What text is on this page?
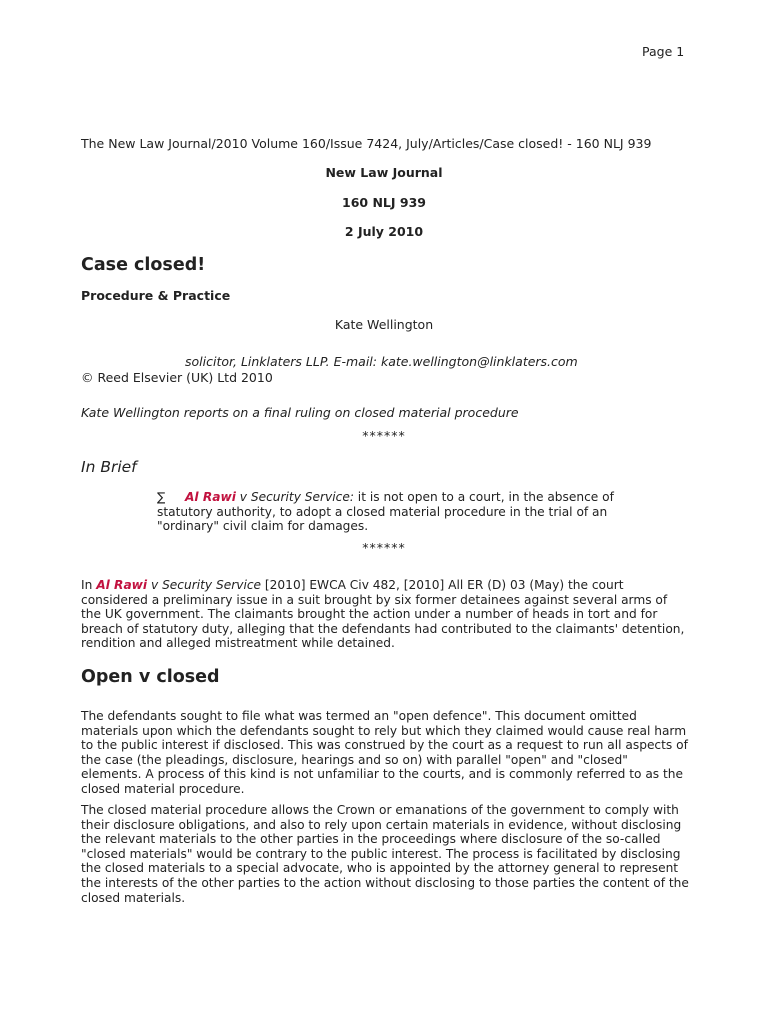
Page 1
The New Law Journal/2010 Volume 160/Issue 7424, July/Articles/Case closed! - 160 NLJ 939
New Law Journal
160 NLJ 939
2 July 2010
Case closed!
Procedure & Practice
Kate Wellington
solicitor, Linklaters LLP. E-mail: kate.wellington@linklaters.com
© Reed Elsevier (UK) Ltd 2010
Kate Wellington reports on a final ruling on closed material procedure
******
In Brief
∑ Al Rawi v Security Service: it is not open to a court, in the absence of statutory authority, to adopt a closed material procedure in the trial of an "ordinary" civil claim for damages.
******
In Al Rawi v Security Service [2010] EWCA Civ 482, [2010] All ER (D) 03 (May) the court considered a preliminary issue in a suit brought by six former detainees against several arms of the UK government. The claimants brought the action under a number of heads in tort and for breach of statutory duty, alleging that the defendants had contributed to the claimants' detention, rendition and alleged mistreatment while detained.
Open v closed
The defendants sought to file what was termed an "open defence". This document omitted materials upon which the defendants sought to rely but which they claimed would cause real harm to the public interest if disclosed. This was construed by the court as a request to run all aspects of the case (the pleadings, disclosure, hearings and so on) with parallel "open" and "closed" elements. A process of this kind is not unfamiliar to the courts, and is commonly referred to as the closed material procedure.
The closed material procedure allows the Crown or emanations of the government to comply with their disclosure obligations, and also to rely upon certain materials in evidence, without disclosing the relevant materials to the other parties in the proceedings where disclosure of the so-called "closed materials" would be contrary to the public interest. The process is facilitated by disclosing the closed materials to a special advocate, who is appointed by the attorney general to represent the interests of the other parties to the action without disclosing to those parties the content of the closed materials.
